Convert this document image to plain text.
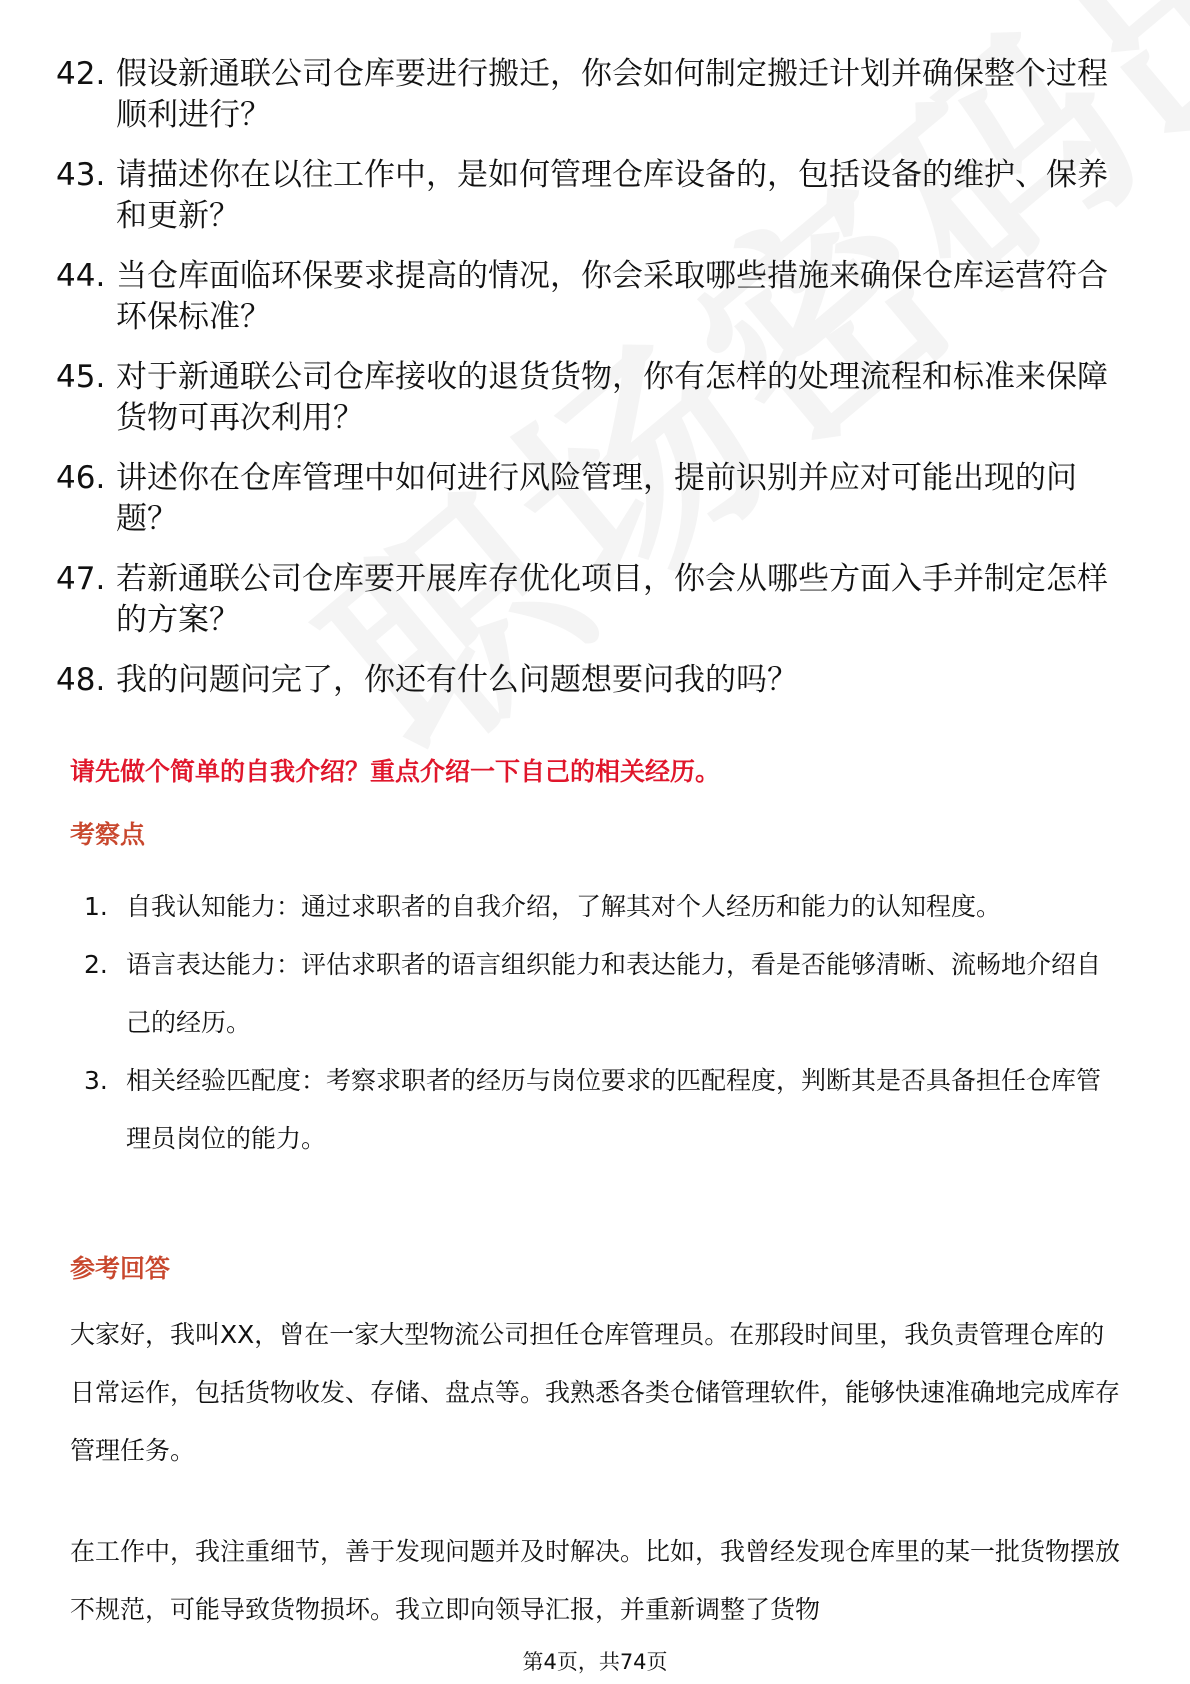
42. 假设新通联公司仓库要进行搬迁，你会如何制定搬迁计划并确保整个过程顺利进行？
43. 请描述你在以往工作中，是如何管理仓库设备的，包括设备的维护、保养和更新？
44. 当仓库面临环保要求提高的情况，你会采取哪些措施来确保仓库运营符合环保标准？
45. 对于新通联公司仓库接收的退货货物，你有怎样的处理流程和标准来保障货物可再次利用？
46. 讲述你在仓库管理中如何进行风险管理，提前识别并应对可能出现的问题？
47. 若新通联公司仓库要开展库存优化项目，你会从哪些方面入手并制定怎样的方案？
48. 我的问题问完了，你还有什么问题想要问我的吗？
请先做个简单的自我介绍？重点介绍一下自己的相关经历。
考察点
1. 自我认知能力：通过求职者的自我介绍，了解其对个人经历和能力的认知程度。
2. 语言表达能力：评估求职者的语言组织能力和表达能力，看是否能够清晰、流畅地介绍自己的经历。
3. 相关经验匹配度：考察求职者的经历与岗位要求的匹配程度，判断其是否具备担任仓库管理员岗位的能力。
参考回答

大家好，我叫XX，曾在一家大型物流公司担任仓库管理员。在那段时间里，我负责管理仓库的日常运作，包括货物收发、存储、盘点等。我熟悉各类仓储管理软件，能够快速准确地完成库存管理任务。

在工作中，我注重细节，善于发现问题并及时解决。比如，我曾经发现仓库里的某一批货物摆放不规范，可能导致货物损坏。我立即向领导汇报，并重新调整了货物

第4页，共74页
